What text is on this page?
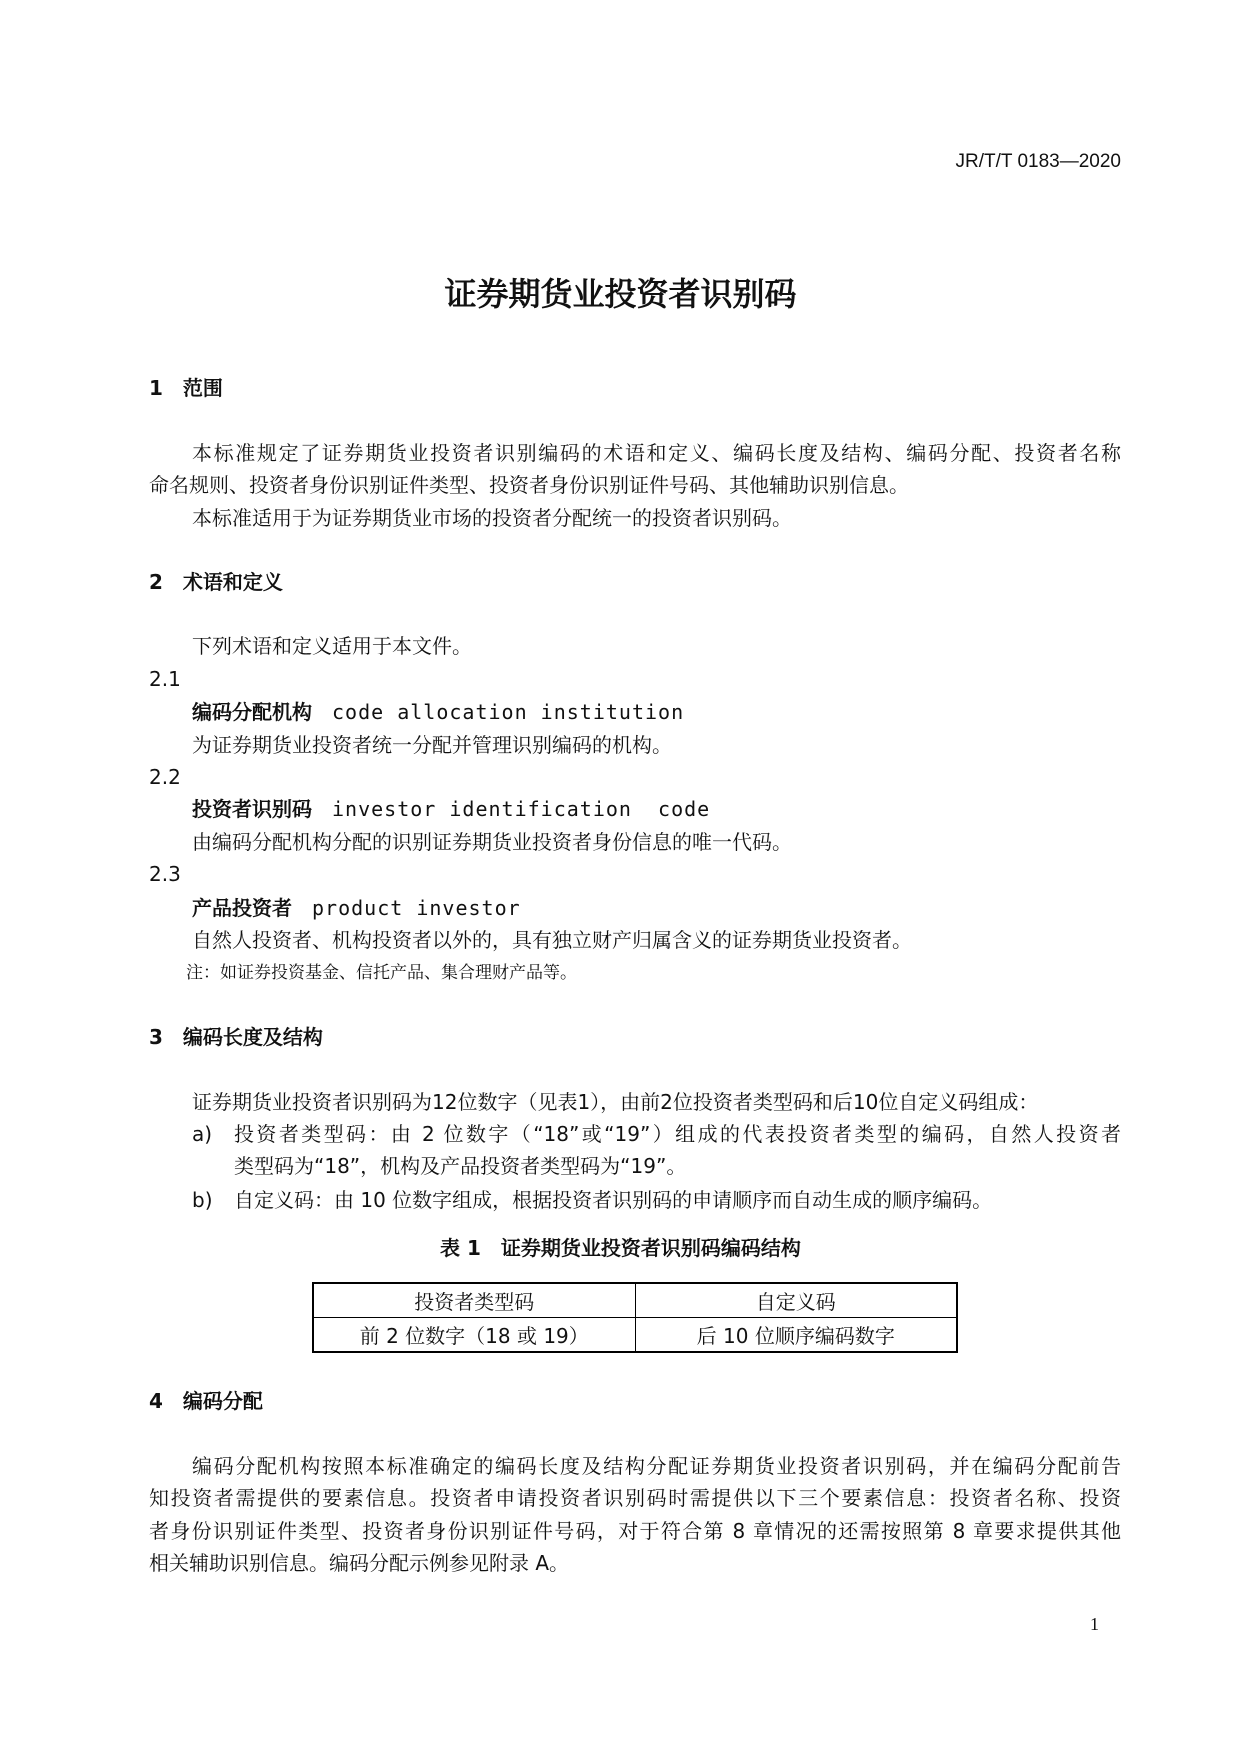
JR/T/T 0183—2020
证券期货业投资者识别码
1　范围
本标准规定了证券期货业投资者识别编码的术语和定义、编码长度及结构、编码分配、投资者名称
命名规则、投资者身份识别证件类型、投资者身份识别证件号码、其他辅助识别信息。
本标准适用于为证券期货业市场的投资者分配统一的投资者识别码。
2　术语和定义
下列术语和定义适用于本文件。
2.1
编码分配机构 code allocation institution
为证券期货业投资者统一分配并管理识别编码的机构。
2.2
投资者识别码 investor identification  code
由编码分配机构分配的识别证券期货业投资者身份信息的唯一代码。
2.3
产品投资者 product investor
自然人投资者、机构投资者以外的，具有独立财产归属含义的证券期货业投资者。
注：如证券投资基金、信托产品、集合理财产品等。
3　编码长度及结构
证券期货业投资者识别码为12位数字（见表1），由前2位投资者类型码和后10位自定义码组成：
a) 投资者类型码：由 2 位数字（“18”或“19”）组成的代表投资者类型的编码，自然人投资者
类型码为“18”，机构及产品投资者类型码为“19”。
b) 自定义码：由 10 位数字组成，根据投资者识别码的申请顺序而自动生成的顺序编码。
表 1　证券期货业投资者识别码编码结构
投资者类型码	自定义码
前 2 位数字（18 或 19）	后 10 位顺序编码数字
4　编码分配
编码分配机构按照本标准确定的编码长度及结构分配证券期货业投资者识别码，并在编码分配前告
知投资者需提供的要素信息。投资者申请投资者识别码时需提供以下三个要素信息：投资者名称、投资
者身份识别证件类型、投资者身份识别证件号码，对于符合第 8 章情况的还需按照第 8 章要求提供其他
相关辅助识别信息。编码分配示例参见附录 A。
1
